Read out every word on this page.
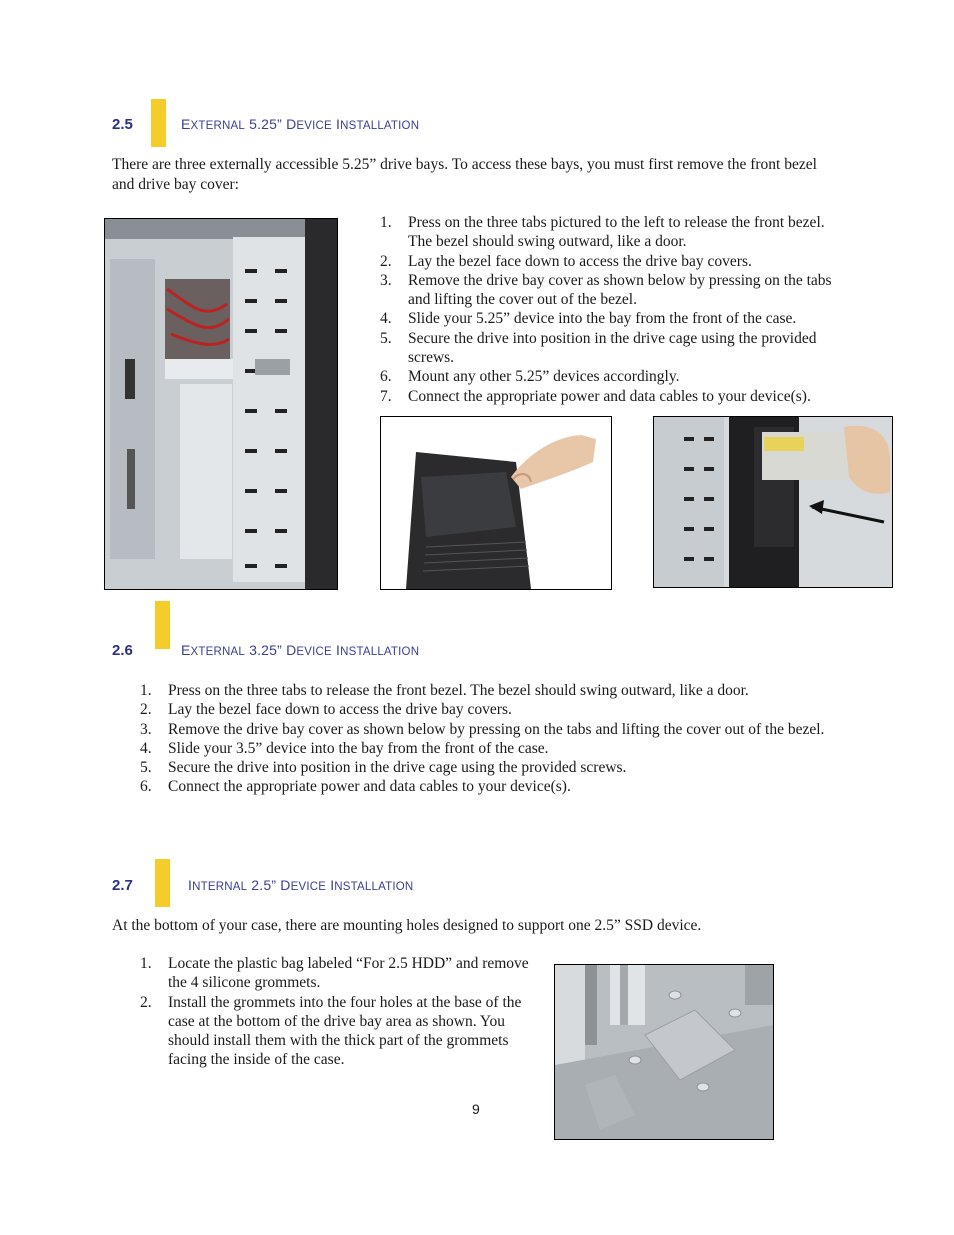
2.5	EXTERNAL 5.25” DEVICE INSTALLATION
There are three externally accessible 5.25” drive bays. To access these bays, you must first remove the front bezel and drive bay cover:
1. Press on the three tabs pictured to the left to release the front bezel. The bezel should swing outward, like a door.
2. Lay the bezel face down to access the drive bay covers.
3. Remove the drive bay cover as shown below by pressing on the tabs and lifting the cover out of the bezel.
4. Slide your 5.25” device into the bay from the front of the case.
5. Secure the drive into position in the drive cage using the provided screws.
6. Mount any other 5.25” devices accordingly.
7. Connect the appropriate power and data cables to your device(s).
2.6	EXTERNAL 3.25” DEVICE INSTALLATION
1. Press on the three tabs to release the front bezel. The bezel should swing outward, like a door.
2. Lay the bezel face down to access the drive bay covers.
3. Remove the drive bay cover as shown below by pressing on the tabs and lifting the cover out of the bezel.
4. Slide your 3.5” device into the bay from the front of the case.
5. Secure the drive into position in the drive cage using the provided screws.
6. Connect the appropriate power and data cables to your device(s).
2.7	INTERNAL 2.5” DEVICE INSTALLATION
At the bottom of your case, there are mounting holes designed to support one 2.5” SSD device.
1. Locate the plastic bag labeled “For 2.5 HDD” and remove the 4 silicone grommets.
2. Install the grommets into the four holes at the base of the case at the bottom of the drive bay area as shown. You should install them with the thick part of the grommets facing the inside of the case.
9
